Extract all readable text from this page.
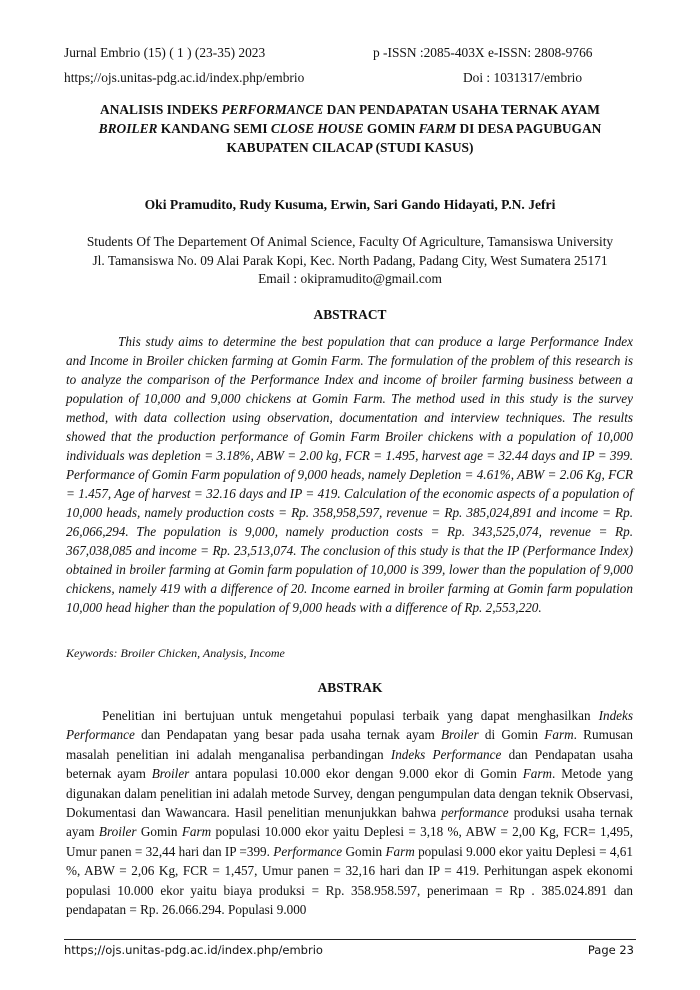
Jurnal Embrio (15) ( 1 ) (23-35) 2023	p -ISSN :2085-403X e-ISSN: 2808-9766
https;//ojs.unitas-pdg.ac.id/index.php/embrio	Doi : 1031317/embrio
ANALISIS INDEKS PERFORMANCE DAN PENDAPATAN USAHA TERNAK AYAM
BROILER KANDANG SEMI CLOSE HOUSE GOMIN FARM DI DESA PAGUBUGAN
KABUPATEN CILACAP (STUDI KASUS)
Oki Pramudito, Rudy Kusuma, Erwin, Sari Gando Hidayati, P.N. Jefri
Students Of The Departement Of Animal Science, Faculty Of Agriculture, Tamansiswa University
Jl. Tamansiswa No. 09 Alai Parak Kopi, Kec. North Padang, Padang City, West Sumatera 25171
Email : okipramudito@gmail.com
ABSTRACT

This study aims to determine the best population that can produce a large Performance Index and Income in Broiler chicken farming at Gomin Farm. The formulation of the problem of this research is to analyze the comparison of the Performance Index and income of broiler farming business between a population of 10,000 and 9,000 chickens at Gomin Farm. The method used in this study is the survey method, with data collection using observation, documentation and interview techniques. The results showed that the production performance of Gomin Farm Broiler chickens with a population of 10,000 individuals was depletion = 3.18%, ABW = 2.00 kg, FCR = 1.495, harvest age = 32.44 days and IP = 399. Performance of Gomin Farm population of 9,000 heads, namely Depletion = 4.61%, ABW = 2.06 Kg, FCR = 1.457, Age of harvest = 32.16 days and IP = 419. Calculation of the economic aspects of a population of 10,000 heads, namely production costs = Rp. 358,958,597, revenue = Rp. 385,024,891 and income = Rp. 26,066,294. The population is 9,000, namely production costs = Rp. 343,525,074, revenue = Rp. 367,038,085 and income = Rp. 23,513,074. The conclusion of this study is that the IP (Performance Index) obtained in broiler farming at Gomin farm population of 10,000 is 399, lower than the population of 9,000 chickens, namely 419 with a difference of 20. Income earned in broiler farming at Gomin farm population 10,000 head higher than the population of 9,000 heads with a difference of Rp. 2,553,220.

Keywords: Broiler Chicken, Analysis, Income
ABSTRAK

Penelitian ini bertujuan untuk mengetahui populasi terbaik yang dapat menghasilkan Indeks Performance dan Pendapatan yang besar pada usaha ternak ayam Broiler di Gomin Farm. Rumusan masalah penelitian ini adalah menganalisa perbandingan Indeks Performance dan Pendapatan usaha beternak ayam Broiler antara populasi 10.000 ekor dengan 9.000 ekor di Gomin Farm. Metode yang digunakan dalam penelitian ini adalah metode Survey, dengan pengumpulan data dengan teknik Observasi, Dokumentasi dan Wawancara. Hasil penelitian menunjukkan bahwa performance produksi usaha ternak ayam Broiler Gomin Farm populasi 10.000 ekor yaitu Deplesi = 3,18 %, ABW = 2,00 Kg, FCR= 1,495, Umur panen = 32,44 hari dan IP =399. Performance Gomin Farm populasi 9.000 ekor yaitu Deplesi = 4,61 %, ABW = 2,06 Kg, FCR = 1,457, Umur panen = 32,16 hari dan IP = 419. Perhitungan aspek ekonomi populasi 10.000 ekor yaitu biaya produksi = Rp. 358.958.597, penerimaan = Rp . 385.024.891 dan pendapatan = Rp. 26.066.294. Populasi 9.000

https;//ojs.unitas-pdg.ac.id/index.php/embrio	Page 23
